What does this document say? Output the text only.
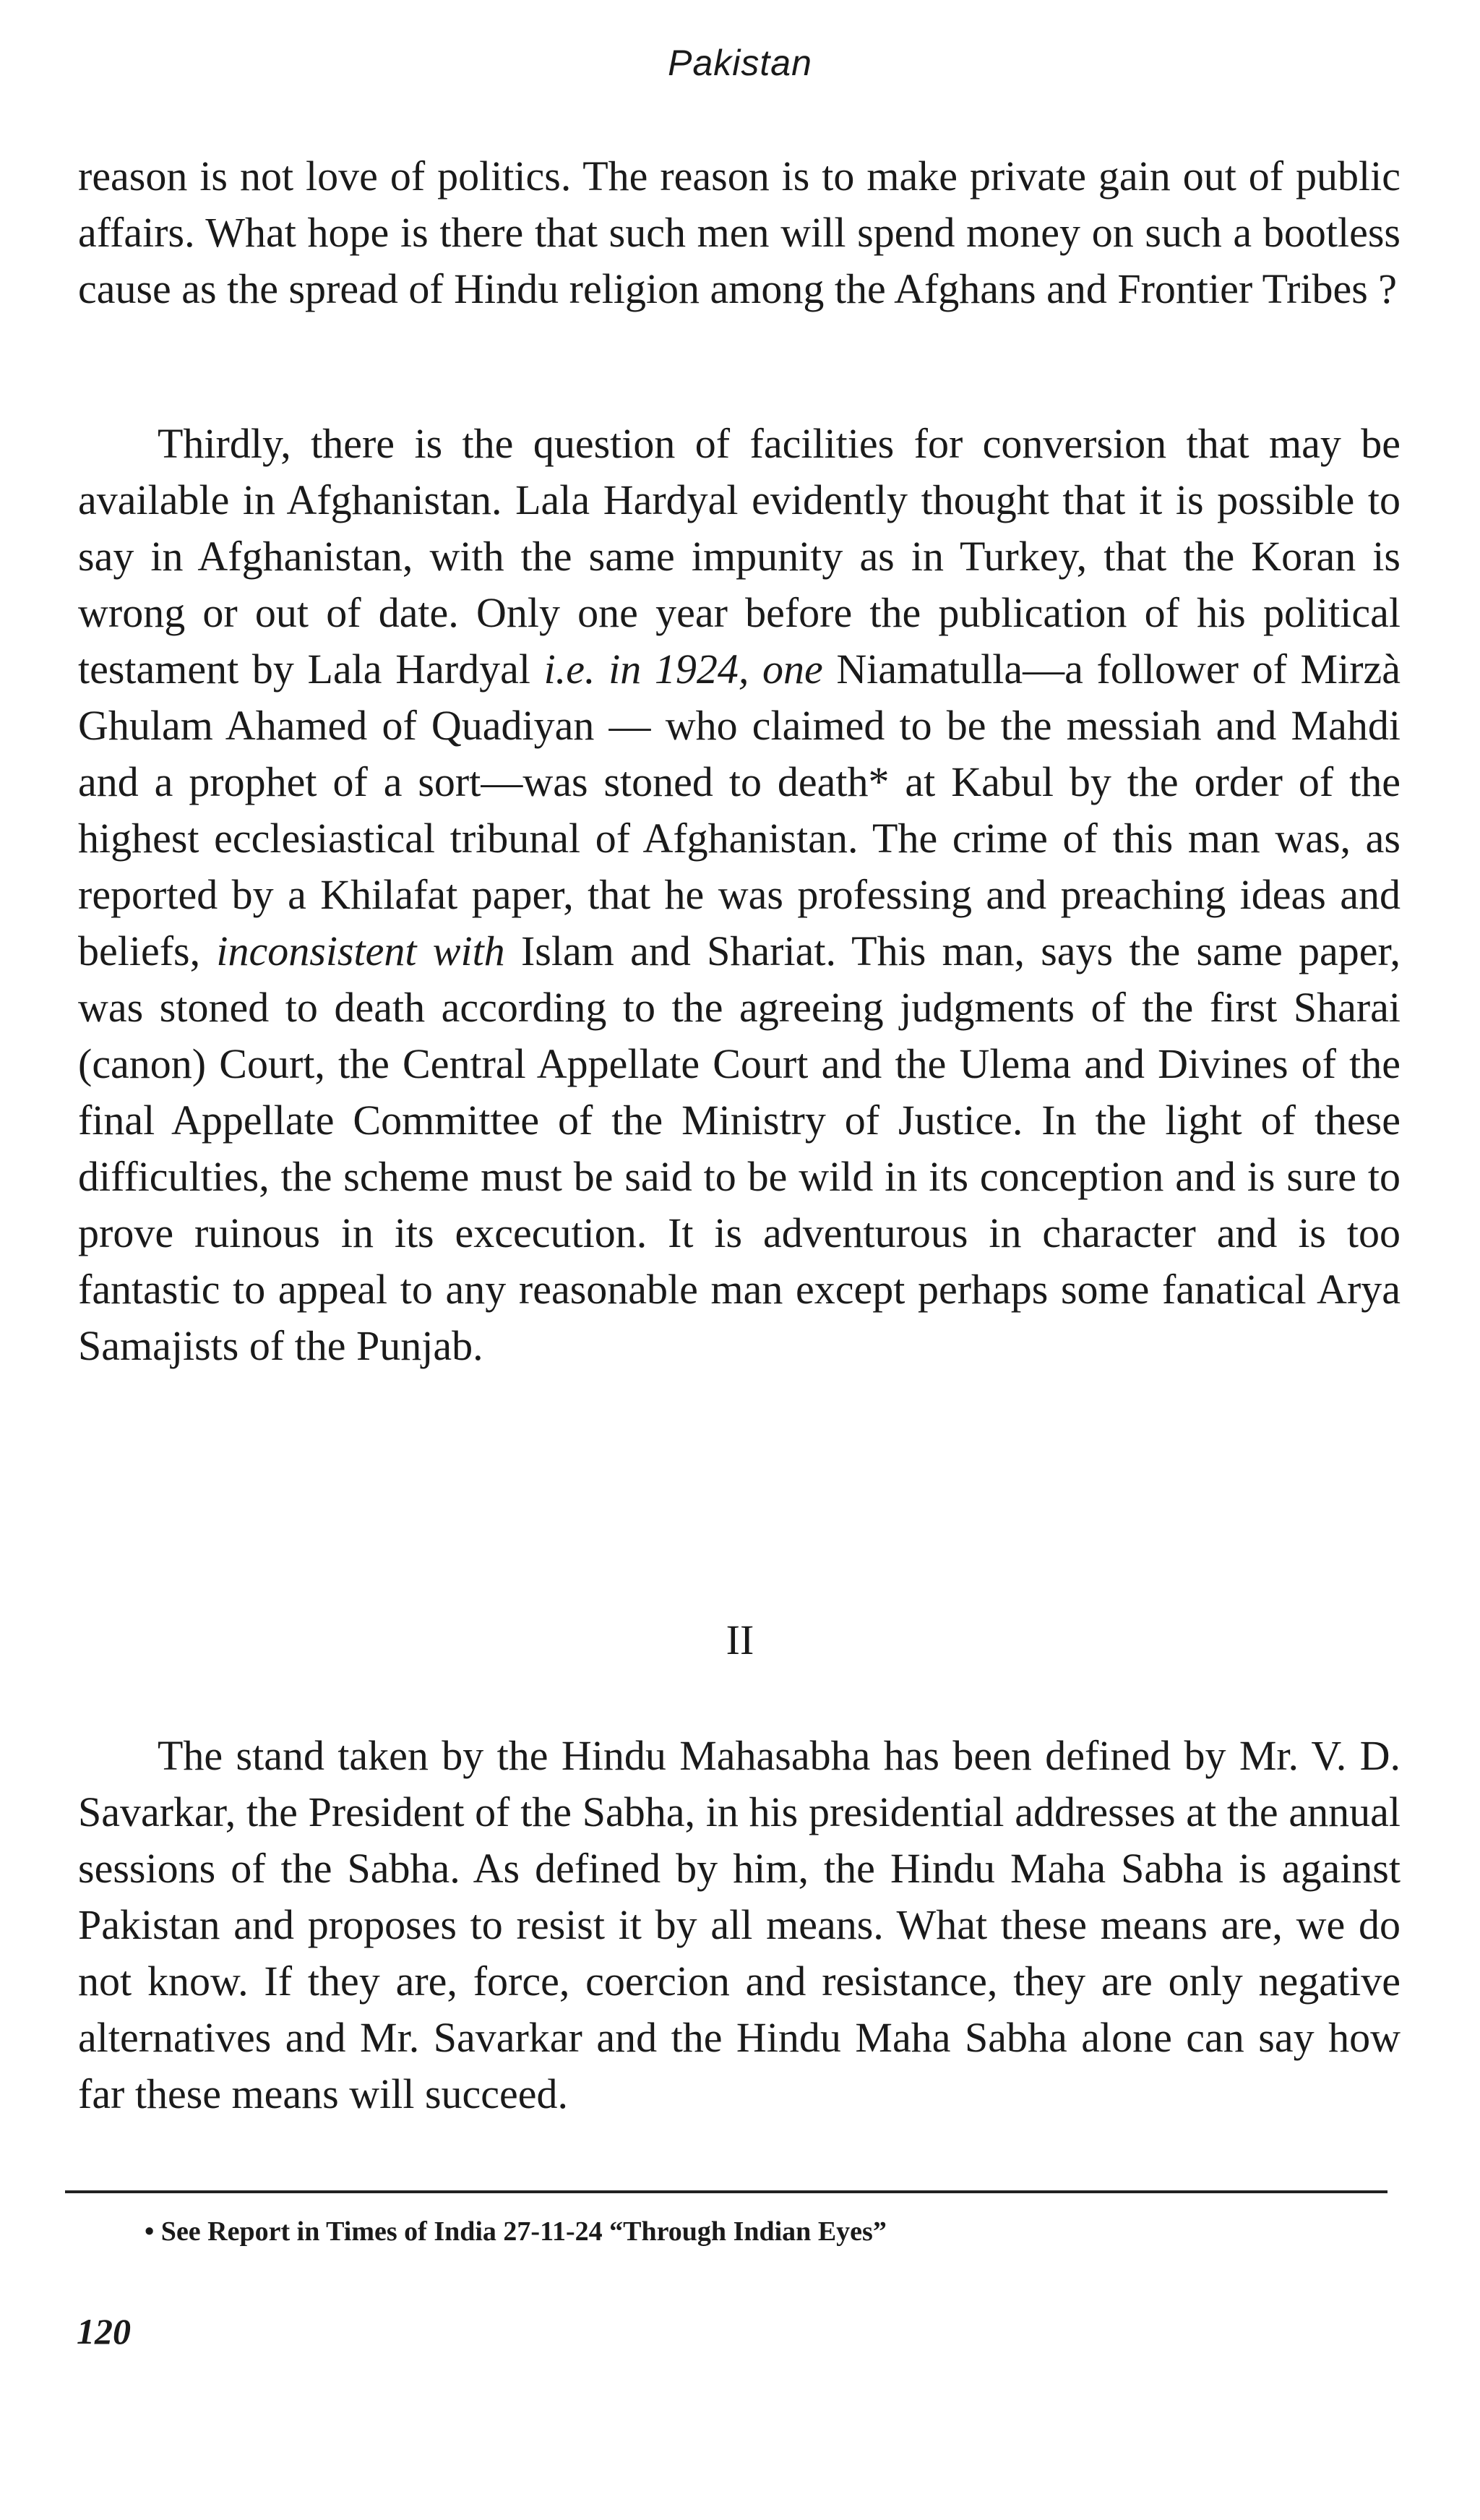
Pakistan

reason is not love of politics. The reason is to make private gain out of public affairs. What hope is there that such men will spend money on such a bootless cause as the spread of Hindu religion among the Afghans and Frontier Tribes ?

Thirdly, there is the question of facilities for conversion that may be available in Afghanistan. Lala Hardyal evidently thought that it is possible to say in Afghanistan, with the same impunity as in Turkey, that the Koran is wrong or out of date. Only one year before the publication of his political testament by Lala Hardyal i.e. in 1924, one Niamatulla—a follower of Mirzà Ghulam Ahamed of Quadiyan — who claimed to be the messiah and Mahdi and a prophet of a sort—was stoned to death* at Kabul by the order of the highest ecclesiastical tribunal of Afghanistan. The crime of this man was, as reported by a Khilafat paper, that he was professing and preaching ideas and beliefs, inconsistent with Islam and Shariat. This man, says the same paper, was stoned to death according to the agreeing judgments of the first Sharai (canon) Court, the Central Appellate Court and the Ulema and Divines of the final Appellate Committee of the Ministry of Justice. In the light of these difficulties, the scheme must be said to be wild in its conception and is sure to prove ruinous in its excecution. It is adventurous in character and is too fantastic to appeal to any reasonable man except perhaps some fanatical Arya Samajists of the Punjab.

II

The stand taken by the Hindu Mahasabha has been defined by Mr. V. D. Savarkar, the President of the Sabha, in his presidential addresses at the annual sessions of the Sabha. As defined by him, the Hindu Maha Sabha is against Pakistan and proposes to resist it by all means. What these means are, we do not know. If they are, force, coercion and resistance, they are only negative alternatives and Mr. Savarkar and the Hindu Maha Sabha alone can say how far these means will succeed.

• See Report in Times of India 27-11-24 “Through Indian Eyes”
120
